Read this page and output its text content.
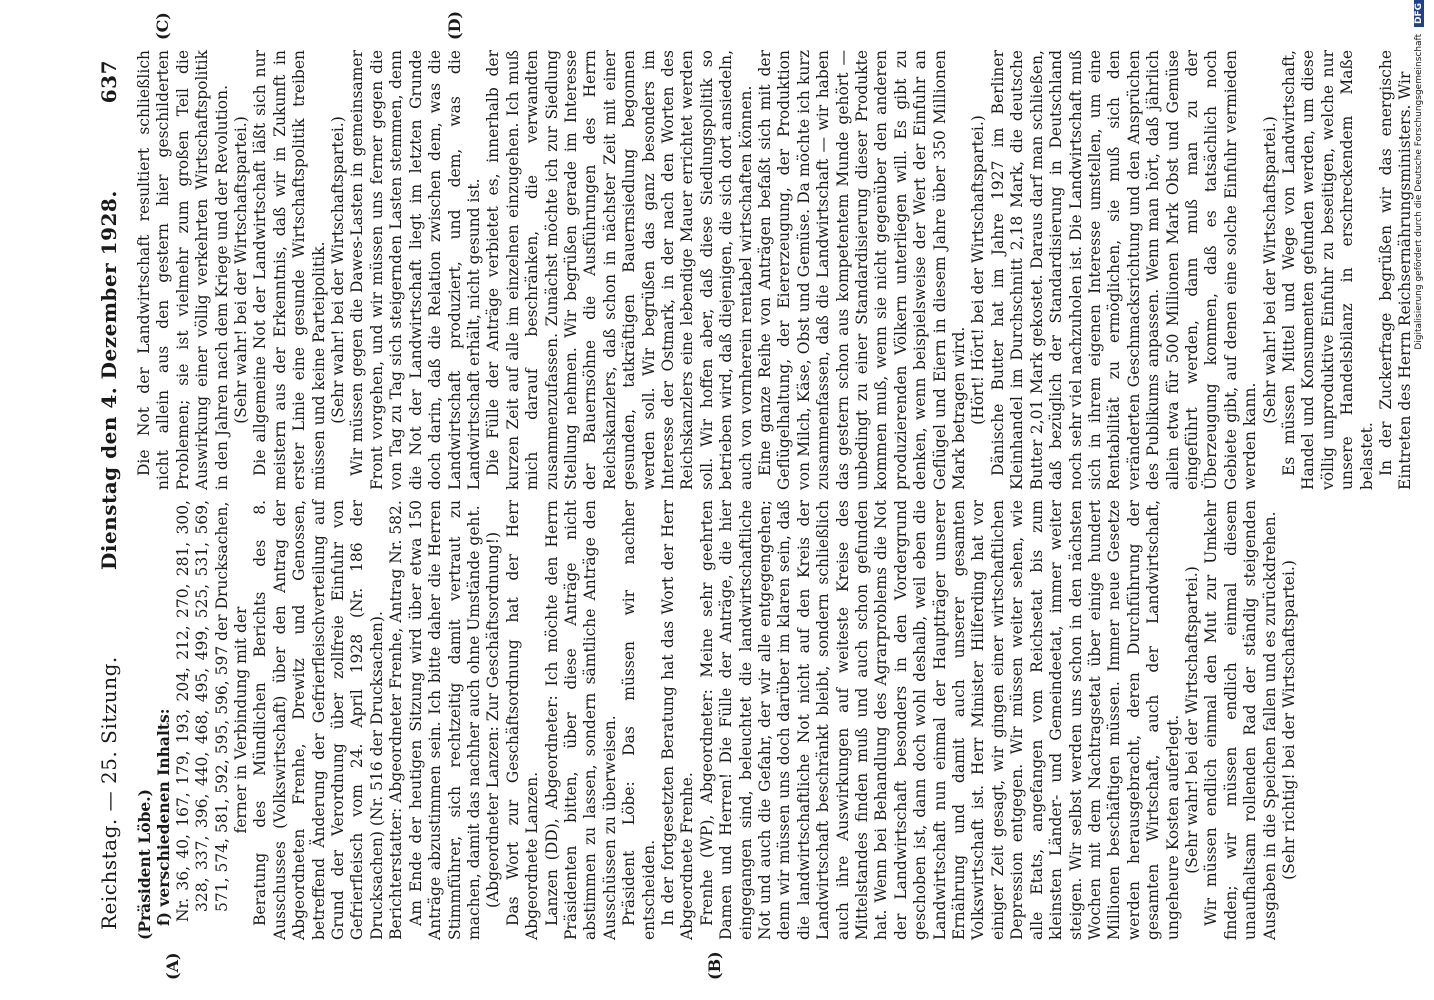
Reichstag. — 25. Sitzung.
Dienstag den 4. Dezember 1928.
637
(A)	(B)
(C)	(D)

(Präsident Löbe.) f) verschiedenen Inhalts: Nr. 36, 40, 167, 179, 193, 204, 212, 270, 281, 300, 328, 337, 396, 440, 468, 495, 499, 525, 531, 569, 571, 574, 581, 592, 595, 596, 597 der Drucksachen, ferner in Verbindung mit der Beratung des Mündlichen Berichts des 8. Ausschusses (Volkswirtschaft) über den Antrag der Abgeordneten Frenhe, Drewitz und Genossen, betreffend Änderung der Gefrierfleischverteilung auf Grund der Verordnung über zollfreie Einfuhr von Gefrierfleisch vom 24. April 1928 (Nr. 186 der Drucksachen) (Nr. 516 der Drucksachen). Berichterstatter: Abgeordneter Frenhe, Antrag Nr. 582. Am Ende der heutigen Sitzung wird über etwa 150 Anträge abzustimmen sein. Ich bitte daher die Herren Stimmführer, sich rechtzeitig damit vertraut zu machen, damit das nachher auch ohne Umstände geht. (Abgeordneter Lanzen: Zur Geschäftsordnung!) Das Wort zur Geschäftsordnung hat der Herr Abgeordnete Lanzen. Lanzen (DD), Abgeordneter: Ich möchte den Herrn Präsidenten bitten, über diese Anträge nicht abstimmen zu lassen, sondern sämtliche Anträge den Ausschüssen zu überweisen. Präsident Löbe: Das müssen wir nachher entscheiden. In der fortgesetzten Beratung hat das Wort der Herr Abgeordnete Frenhe. Frenhe (WP), Abgeordneter: Meine sehr geehrten Damen und Herren! Die Fülle der Anträge, die hier eingegangen sind, beleuchtet die landwirtschaftliche Not und auch die Gefahr, der wir alle entgegengehen; denn wir müssen uns doch darüber im klaren sein, daß die landwirtschaftliche Not nicht auf den Kreis der Landwirtschaft beschränkt bleibt, sondern schließlich auch ihre Auswirkungen auf weiteste Kreise des Mittelstandes finden muß und auch schon gefunden hat. Wenn bei Behandlung des Agrarproblems die Not der Landwirtschaft besonders in den Vordergrund geschoben ist, dann doch wohl deshalb, weil eben die Landwirtschaft nun einmal der Hauptträger unserer Ernährung und damit auch unserer gesamten Volkswirtschaft ist. Herr Minister Hilferding hat vor einiger Zeit gesagt, wir gingen einer wirtschaftlichen Depression entgegen. Wir müssen weiter sehen, wie alle Etats, angefangen vom Reichsetat bis zum kleinsten Länder- und Gemeindeetat, immer weiter steigen. Wir selbst werden uns schon in den nächsten Wochen mit dem Nachtragsetat über einige hundert Millionen beschäftigen müssen. Immer neue Gesetze werden herausgebracht, deren Durchführung der gesamten Wirtschaft, auch der Landwirtschaft, ungeheure Kosten auferlegt. (Sehr wahr! bei der Wirtschaftspartei.) Wir müssen endlich einmal den Mut zur Umkehr finden; wir müssen endlich einmal diesem unaufhaltsam rollenden Rad der ständig steigenden Ausgaben in die Speichen fallen und es zurückdrehen. (Sehr richtig! bei der Wirtschaftspartei.)

Die Not der Landwirtschaft resultiert schließlich nicht allein aus den gestern hier geschilderten Problemen; sie ist vielmehr zum großen Teil die Auswirkung einer völlig verkehrten Wirtschaftspolitik in den Jahren nach dem Kriege und der Revolution. (Sehr wahr! bei der Wirtschaftspartei.) Die allgemeine Not der Landwirtschaft läßt sich nur meistern aus der Erkenntnis, daß wir in Zukunft in erster Linie eine gesunde Wirtschaftspolitik treiben müssen und keine Parteipolitik. (Sehr wahr! bei der Wirtschaftspartei.) Wir müssen gegen die Dawes-Lasten in gemeinsamer Front vorgehen, und wir müssen uns ferner gegen die von Tag zu Tag sich steigernden Lasten stemmen, denn die Not der Landwirtschaft liegt im letzten Grunde doch darin, daß die Relation zwischen dem, was die Landwirtschaft produziert, und dem, was die Landwirtschaft erhält, nicht gesund ist. Die Fülle der Anträge verbietet es, innerhalb der kurzen Zeit auf alle im einzelnen einzugehen. Ich muß mich darauf beschränken, die verwandten zusammenzufassen. Zunächst möchte ich zur Siedlung Stellung nehmen. Wir begrüßen gerade im Interesse der Bauernsöhne die Ausführungen des Herrn Reichskanzlers, daß schon in nächster Zeit mit einer gesunden, tatkräftigen Bauernsiedlung begonnen werden soll. Wir begrüßen das ganz besonders im Interesse der Ostmark, in der nach den Worten des Reichskanzlers eine lebendige Mauer errichtet werden soll. Wir hoffen aber, daß diese Siedlungspolitik so betrieben wird, daß diejenigen, die sich dort ansiedeln, auch von vornherein rentabel wirtschaften können. Eine ganze Reihe von Anträgen befaßt sich mit der Geflügelhaltung, der Eiererzeugung, der Produktion von Milch, Käse, Obst und Gemüse. Da möchte ich kurz zusammenfassen, daß die Landwirtschaft — wir haben das gestern schon aus kompetentem Munde gehört — unbedingt zu einer Standardisierung dieser Produkte kommen muß, wenn sie nicht gegenüber den anderen produzierenden Völkern unterliegen will. Es gibt zu denken, wenn beispielsweise der Wert der Einfuhr an Geflügel und Eiern in diesem Jahre über 350 Millionen Mark betragen wird. (Hört! Hört! bei der Wirtschaftspartei.) Dänische Butter hat im Jahre 1927 im Berliner Kleinhandel im Durchschnitt 2,18 Mark, die deutsche Butter 2,01 Mark gekostet. Daraus darf man schließen, daß bezüglich der Standardisierung in Deutschland noch sehr viel nachzuholen ist. Die Landwirtschaft muß sich in ihrem eigenen Interesse umstellen, um eine Rentabilität zu ermöglichen, sie muß sich den veränderten Geschmacksrichtung und den Ansprüchen des Publikums anpassen. Wenn man hört, daß jährlich allein etwa für 500 Millionen Mark Obst und Gemüse eingeführt werden, dann muß man zu der Überzeugung kommen, daß es tatsächlich noch Gebiete gibt, auf denen eine solche Einfuhr vermieden werden kann.

(Sehr wahr! bei der Wirtschaftspartei.) Es müssen Mittel und Wege von Landwirtschaft, Handel und Konsumenten gefunden werden, um diese völlig unproduktive Einfuhr zu beseitigen, welche nur unsere Handelsbilanz in erschreckendem Maße belastet. In der Zuckerfrage begrüßen wir das energische Eintreten des Herrn Reichsernährungsministers. Wir Digitalisierung gefördert durch die Deutsche Forschungsgemeinschaft DFG
